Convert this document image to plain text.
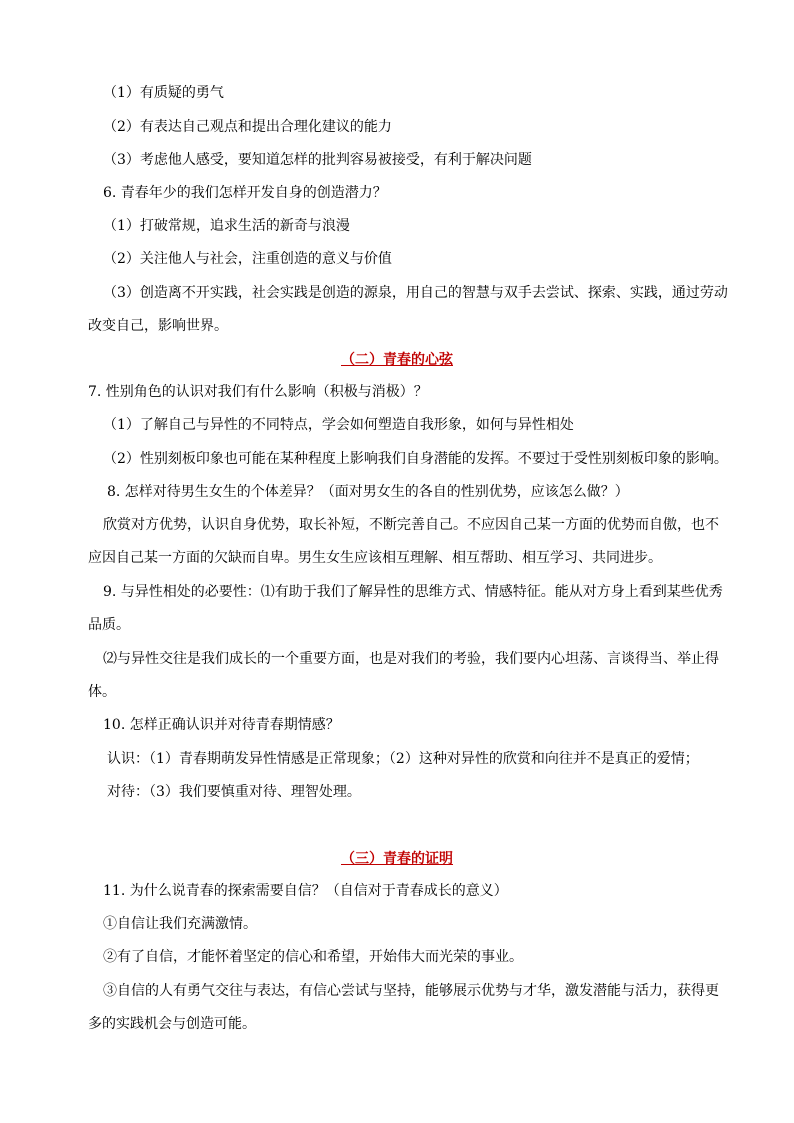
（1）有质疑的勇气
（2）有表达自己观点和提出合理化建议的能力
（3）考虑他人感受，要知道怎样的批判容易被接受，有利于解决问题
6. 青春年少的我们怎样开发自身的创造潜力？
（1）打破常规，追求生活的新奇与浪漫
（2）关注他人与社会，注重创造的意义与价值
（3）创造离不开实践，社会实践是创造的源泉，用自己的智慧与双手去尝试、探索、实践，通过劳动改变自己，影响世界。
（二）青春的心弦
7. 性别角色的认识对我们有什么影响（积极与消极）？
（1）了解自己与异性的不同特点，学会如何塑造自我形象，如何与异性相处
（2）性别刻板印象也可能在某种程度上影响我们自身潜能的发挥。不要过于受性别刻板印象的影响。
8. 怎样对待男生女生的个体差异？（面对男女生的各自的性别优势，应该怎么做？）
欣赏对方优势，认识自身优势，取长补短，不断完善自己。不应因自己某一方面的优势而自傲，也不应因自己某一方面的欠缺而自卑。男生女生应该相互理解、相互帮助、相互学习、共同进步。
9. 与异性相处的必要性：⑴有助于我们了解异性的思维方式、情感特征。能从对方身上看到某些优秀品质。
⑵与异性交往是我们成长的一个重要方面，也是对我们的考验，我们要内心坦荡、言谈得当、举止得体。
10. 怎样正确认识并对待青春期情感？
认识：（1）青春期萌发异性情感是正常现象；（2）这种对异性的欣赏和向往并不是真正的爱情；
对待：（3）我们要慎重对待、理智处理。
（三）青春的证明
11. 为什么说青春的探索需要自信？（自信对于青春成长的意义）
①自信让我们充满激情。
②有了自信，才能怀着坚定的信心和希望，开始伟大而光荣的事业。
③自信的人有勇气交往与表达，有信心尝试与坚持，能够展示优势与才华，激发潜能与活力，获得更多的实践机会与创造可能。
